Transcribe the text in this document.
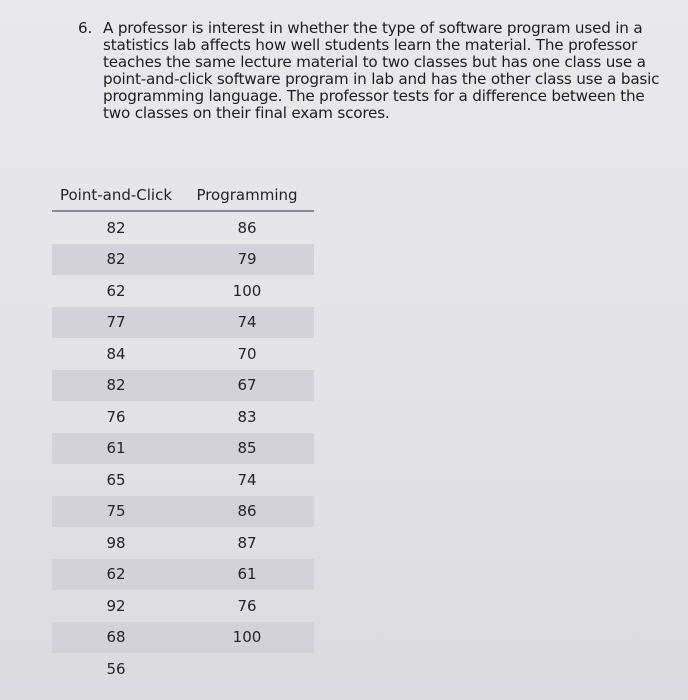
6. A professor is interest in whether the type of software program used in a statistics lab affects how well students learn the material. The professor teaches the same lecture material to two classes but has one class use a point-and-click software program in lab and has the other class use a basic programming language. The professor tests for a difference between the two classes on their final exam scores.
Point-and-Click	Programming
82	86
82	79
62	100
77	74
84	70
82	67
76	83
61	85
65	74
75	86
98	87
62	61
92	76
68	100
56	
